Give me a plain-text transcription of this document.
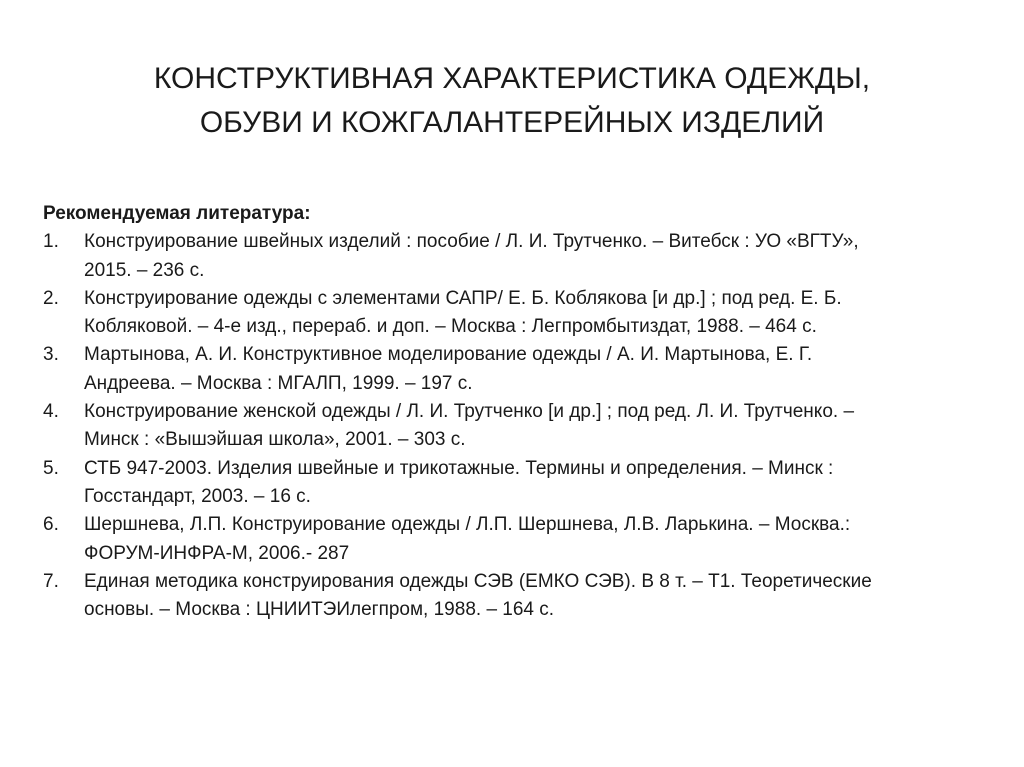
КОНСТРУКТИВНАЯ ХАРАКТЕРИСТИКА ОДЕЖДЫ,
ОБУВИ И КОЖГАЛАНТЕРЕЙНЫХ ИЗДЕЛИЙ

Рекомендуемая литература:

1. Конструирование швейных изделий : пособие / Л. И. Трутченко. – Витебск : УО «ВГТУ»,
2015. – 236 с.
2. Конструирование одежды с элементами САПР/ Е. Б. Коблякова [и др.] ; под ред. Е. Б.
Кобляковой. – 4-е изд., перераб. и доп. – Москва : Легпромбытиздат, 1988. – 464 с.
3. Мартынова, А. И. Конструктивное моделирование одежды / А. И. Мартынова, Е. Г.
Андреева. – Москва : МГАЛП, 1999. – 197 с.
4. Конструирование женской одежды / Л. И. Трутченко [и др.] ; под ред. Л. И. Трутченко. –
Минск : «Вышэйшая школа», 2001. – 303 с.
5. СТБ 947-2003. Изделия швейные и трикотажные. Термины и определения. – Минск :
Госстандарт, 2003. – 16 с.
6. Шершнева, Л.П. Конструирование одежды / Л.П. Шершнева, Л.В. Ларькина. – Москва.:
ФОРУМ-ИНФРА-М, 2006.- 287
7. Единая методика конструирования одежды СЭВ (ЕМКО СЭВ). В 8 т. – Т1. Теоретические
основы. – Москва : ЦНИИТЭИлегпром, 1988. – 164 с.
